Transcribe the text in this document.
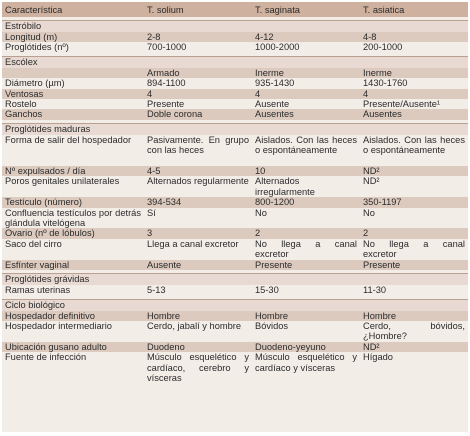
Característica	T. solium	T. saginata	T. asiatica

Estróbilo			
Longitud (m)	2-8	4-12	4-8
Proglótides (nº)	700-1000	1000-2000	200-1000

Escólex			
	Armado	Inerme	Inerme
Diámetro (µm)	894-1100	935-1430	1430-1760
Ventosas	4	4	4
Rostelo	Presente	Ausente	Presente/Ausente¹
Ganchos	Doble corona	Ausentes	Ausentes

Proglótides maduras			
Forma de salir del hospedador	Pasivamente. En grupo con las heces	Aislados. Con las heces o espontáneamente	Aislados. Con las heces o espontáneamente
Nº expulsados / día	4-5	10	ND²
Poros genitales unilaterales	Alternados regularmente	Alternados irregularmente	ND²
Testículo (número)	394-534	800-1200	350-1197
Confluencia testículos por detrás glándula vitelógena	Sí	No	No
Ovario (nº de lóbulos)	3	2	2
Saco del cirro	Llega a canal excretor	No llega a canal excretor	No llega a canal excretor
Esfínter vaginal	Ausente	Presente	Presente

Proglótides grávidas			
Ramas uterinas	5-13	15-30	11-30

Ciclo biológico			
Hospedador definitivo	Hombre	Hombre	Hombre
Hospedador intermediario	Cerdo, jabalí y hombre	Bóvidos	Cerdo, bóvidos, ¿Hombre?
Ubicación gusano adulto	Duodeno	Duodeno-yeyuno	ND²
Fuente de infección	Músculo esquelético y cardíaco, cerebro y vísceras	Músculo esquelético y cardíaco y vísceras	Hígado
